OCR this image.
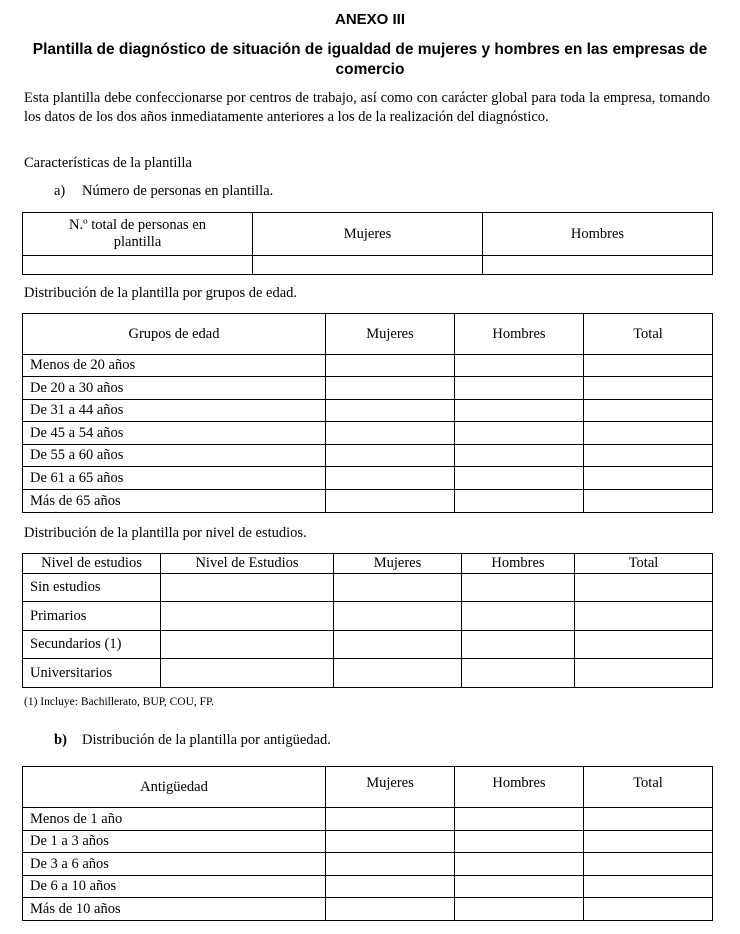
ANEXO III
Plantilla de diagnóstico de situación de igualdad de mujeres y hombres en las empresas de comercio
Esta plantilla debe confeccionarse por centros de trabajo, así como con carácter global para toda la empresa, tomando los datos de los dos años inmediatamente anteriores a los de la realización del diagnóstico.
Características de la plantilla
a) Número de personas en plantilla.
N.º total de personas en plantilla	Mujeres	Hombres

Distribución de la plantilla por grupos de edad.
Grupos de edad	Mujeres	Hombres	Total
Menos de 20 años			
De 20 a 30 años			
De 31 a 44 años			
De 45 a 54 años			
De 55 a 60 años			
De 61 a 65 años			
Más de 65 años			
Distribución de la plantilla por nivel de estudios.
Nivel de estudios	Nivel de Estudios	Mujeres	Hombres	Total
Sin estudios				
Primarios				
Secundarios (1)				
Universitarios				
(1) Incluye: Bachillerato, BUP, COU, FP.
b) Distribución de la plantilla por antigüedad.
Antigüedad	Mujeres	Hombres	Total
Menos de 1 año			
De 1 a 3 años			
De 3 a 6 años			
De 6 a 10 años			
Más de 10 años			
